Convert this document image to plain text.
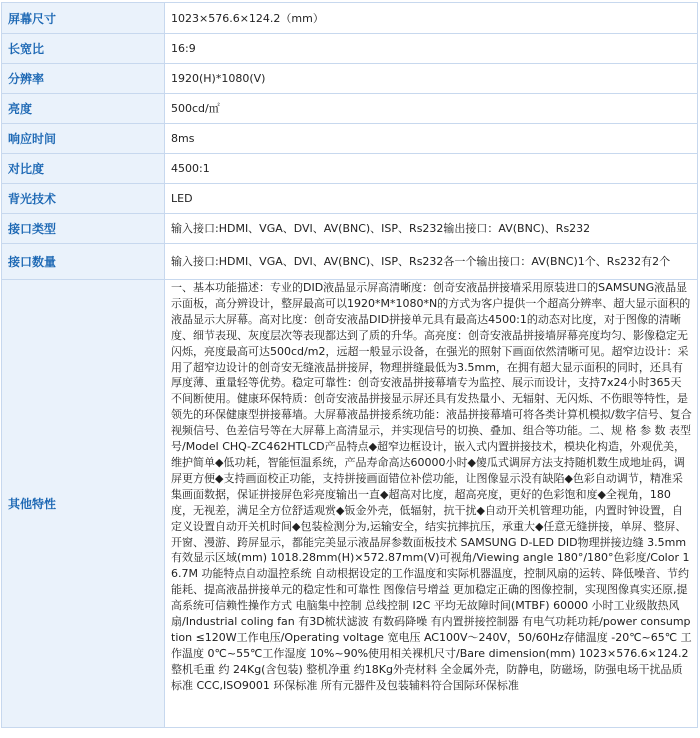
屏幕尺寸	1023×576.6×124.2（mm）
长宽比	16:9
分辨率	1920(H)*1080(V)
亮度	500cd/㎡
响应时间	8ms
对比度	4500:1
背光技术	LED
接口类型	输入接口:HDMI、VGA、DVI、AV(BNC)、ISP、Rs232输出接口：AV(BNC)、Rs232
接口数量	输入接口:HDMI、VGA、DVI、AV(BNC)、ISP、Rs232各一个输出接口：AV(BNC)1个、Rs232有2个
其他特性	一、基本功能描述：专业的DID液晶显示屏高清晰度：创奇安液晶拼接墙采用原装进口的SAMSUNG液晶显示面板，高分辨设计，整屏最高可以1920*M*1080*N的方式为客户提供一个超高分辨率、超大显示面积的液晶显示大屏幕。高对比度：创奇安液晶DID拼接单元具有最高达4500:1的动态对比度，对于图像的清晰度、细节表现、灰度层次等表现都达到了质的升华。高亮度：创奇安液晶拼接墙屏幕亮度均匀、影像稳定无闪烁，亮度最高可达500cd/m2，远超一般显示设备，在强光的照射下画面依然清晰可见。超窄边设计：采用了超窄边设计的创奇安无缝液晶拼接屏，物理拼缝最低为3.5mm，在拥有超大显示面积的同时，还具有厚度薄、重量轻等优势。稳定可靠性：创奇安液晶拼接幕墙专为监控、展示而设计，支持7x24小时365天不间断使用。健康环保特质：创奇安液晶拼接显示屏还具有发热量小、无辐射、无闪烁、不伤眼等特性，是领先的环保健康型拼接幕墙。大屏幕液晶拼接系统功能：液晶拼接幕墙可将各类计算机模拟/数字信号、复合视频信号、色差信号等在大屏幕上高清显示，并实现信号的切换、叠加、组合等功能。二、规 格 参 数 表型号/Model CHQ-ZC462HTLCD产品特点◆超窄边框设计，嵌入式内置拼接技术，模块化构造，外观优美，维护简单◆低功耗，智能恒温系统，产品寿命高达60000小时◆傻瓜式调屏方法支持随机数生成地址码，调屏更方便◆支持画面校正功能，支持拼接画面错位补偿功能，让图像显示没有缺陷◆色彩自动调节，精准采集画面数据，保证拼接屏色彩亮度输出一直◆超高对比度，超高亮度，更好的色彩饱和度◆全视角，180度，无视差，满足全方位舒适观赏◆钣金外壳，低辐射，抗干扰◆自动开关机管理功能，内置时钟设置，自定义设置自动开关机时间◆包装检测分为,运输安全，结实抗摔抗压，承重大◆任意无缝拼接，单屏、整屏、开窗、漫游、跨屏显示，都能完美显示液晶屏参数面板技术 SAMSUNG D-LED DID物理拼接边缝 3.5mm有效显示区域(mm) 1018.28mm(H)×572.87mm(V)可视角/Viewing angle 180°/180°色彩度/Color 16.7M 功能特点自动温控系统 自动根据设定的工作温度和实际机器温度，控制风扇的运转、降低噪音、节约能耗、提高液晶拼接单元的稳定性和可靠性 图像信号增益 更加稳定正确的图像控制，实现图像真实还原,提高系统可信赖性操作方式 电脑集中控制 总线控制 I2C 平均无故障时间(MTBF) 60000 小时工业级散热风扇/Industrial coling fan 有3D梳状滤波 有数码降噪 有内置拼接控制器 有电气功耗功耗/power consumption ≤120W工作电压/Operating voltage 宽电压 AC100V～240V，50/60Hz存储温度 -20℃~65℃ 工作温度 0℃~55℃工作湿度 10%~90%使用相关裸机尺寸/Bare dimension(mm) 1023×576.6×124.2整机毛重 约 24Kg(含包装) 整机净重 约18Kg外壳材料 全金属外壳，防静电，防磁场，防强电场干扰品质标准 CCC,ISO9001 环保标准 所有元器件及包装辅料符合国际环保标准
